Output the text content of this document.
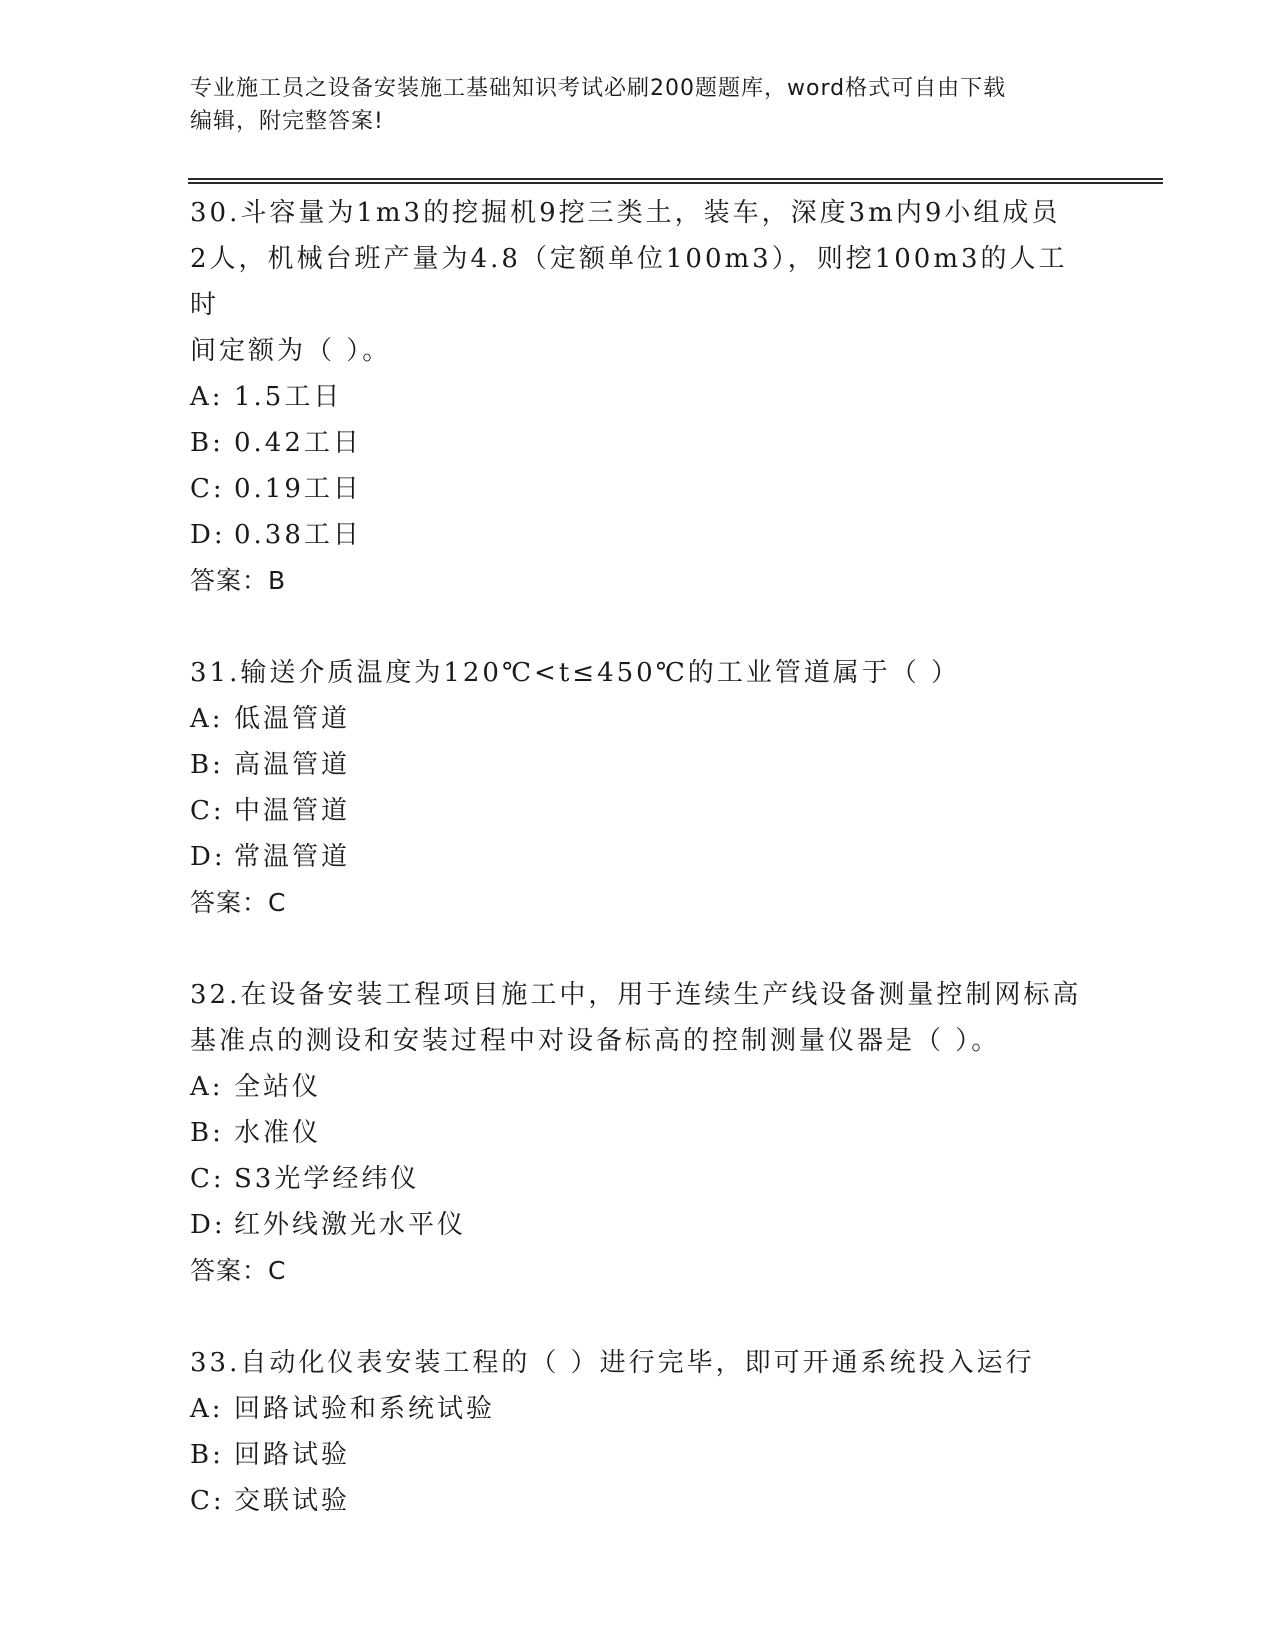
专业施工员之设备安装施工基础知识考试必刷200题题库，word格式可自由下载
编辑，附完整答案!
30.斗容量为1m3的挖掘机9挖三类土，装车，深度3m内9小组成员
2人，机械台班产量为4.8（定额单位100m3），则挖100m3的人工时
间定额为（ ）。
A: 1.5工日
B: 0.42工日
C: 0.19工日
D: 0.38工日
答案：B
31.输送介质温度为120℃<t≤450℃的工业管道属于（ ）
A: 低温管道
B: 高温管道
C: 中温管道
D: 常温管道
答案：C
32.在设备安装工程项目施工中，用于连续生产线设备测量控制网标高
基准点的测设和安装过程中对设备标高的控制测量仪器是（ ）。
A: 全站仪
B: 水准仪
C: S3光学经纬仪
D: 红外线激光水平仪
答案：C
33.自动化仪表安装工程的（ ）进行完毕，即可开通系统投入运行
A: 回路试验和系统试验
B: 回路试验
C: 交联试验
